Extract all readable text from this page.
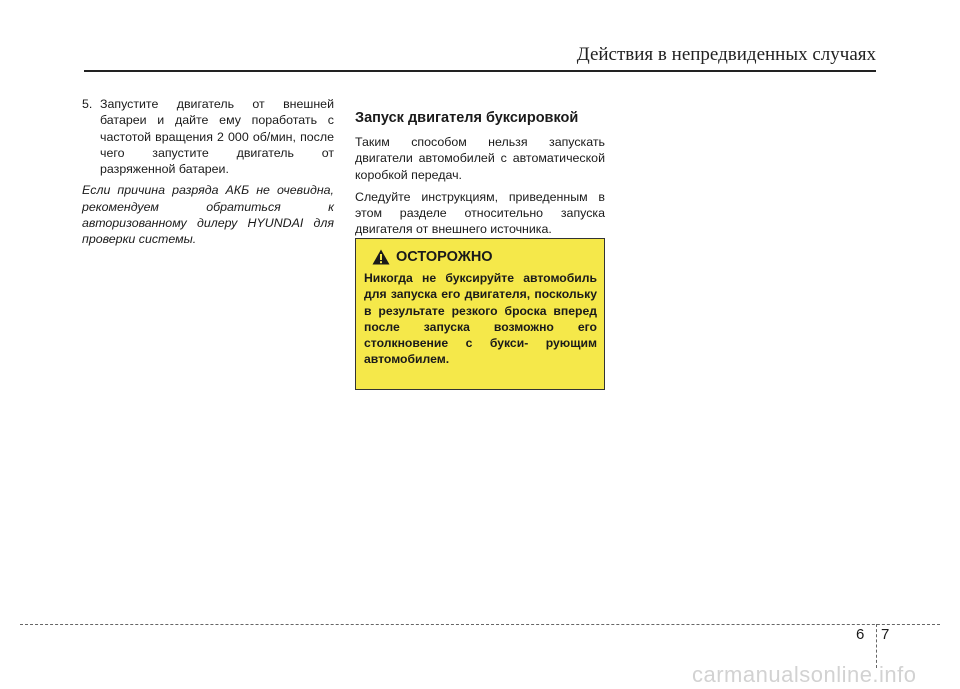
Действия в непредвиденных случаях
5. Запустите двигатель от внешней батареи и дайте ему поработать с частотой вращения 2 000 об/мин, после чего запустите двигатель от разряженной батареи.
Если причина разряда АКБ не очевидна, рекомендуем обратиться к авторизованному дилеру HYUNDAI для проверки системы.
Запуск двигателя буксировкой
Таким способом нельзя запускать двигатели автомобилей с автоматической коробкой передач.
Следуйте инструкциям, приведенным в этом разделе относительно запуска двигателя от внешнего источника.
ОСТОРОЖНО
Никогда не буксируйте автомобиль для запуска его двигателя, поскольку в результате резкого броска вперед после запуска возможно его столкновение с букси- рующим автомобилем.
6 7
carmanualsonline.info
